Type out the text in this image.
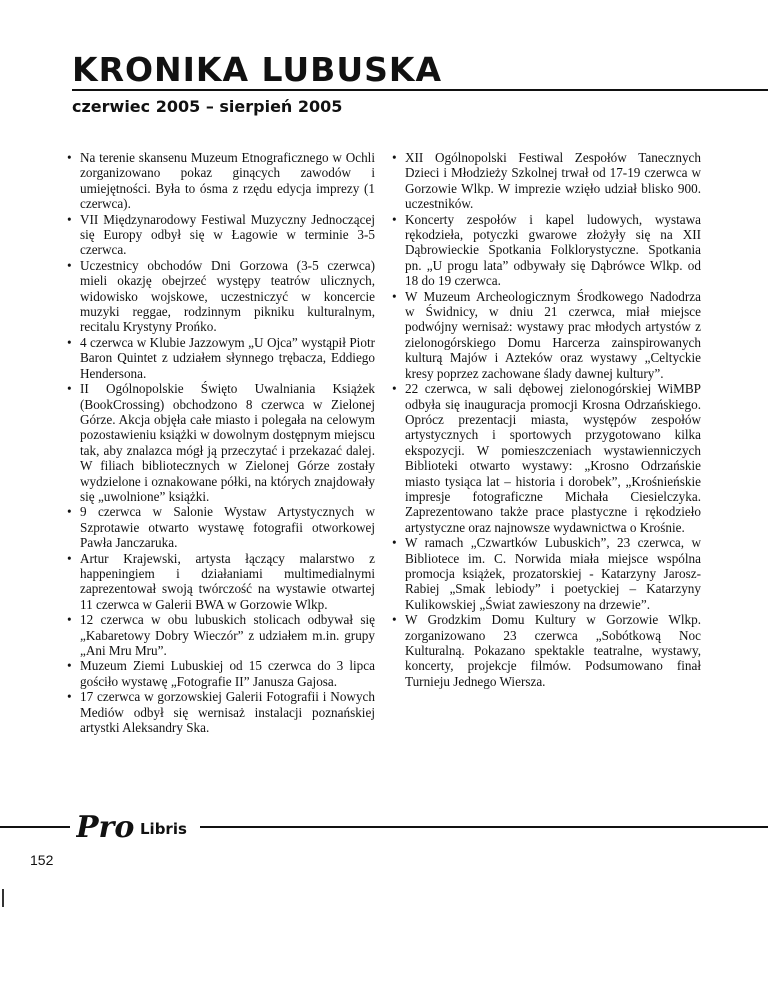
KRONIKA LUBUSKA
czerwiec 2005 – sierpień 2005
• Na terenie skansenu Muzeum Etnograficznego w Ochli zorganizowano pokaz ginących zawodów i umiejętności. Była to ósma z rzędu edycja imprezy (1 czerwca).
• VII Międzynarodowy Festiwal Muzyczny Jednoczącej się Europy odbył się w Łagowie w terminie 3-5 czerwca.
• Uczestnicy obchodów Dni Gorzowa (3-5 czerwca) mieli okazję obejrzeć występy teatrów ulicznych, widowisko wojskowe, uczestniczyć w koncercie muzyki reggae, rodzinnym pikniku kulturalnym, recitalu Krystyny Prońko.
• 4 czerwca w Klubie Jazzowym „U Ojca” wystąpił Piotr Baron Quintet z udziałem słynnego trębacza, Eddiego Hendersona.
• II Ogólnopolskie Święto Uwalniania Książek (BookCrossing) obchodzono 8 czerwca w Zielonej Górze. Akcja objęła całe miasto i polegała na celowym pozostawieniu książki w dowolnym dostępnym miejscu tak, aby znalazca mógł ją przeczytać i przekazać dalej. W filiach bibliotecznych w Zielonej Górze zostały wydzielone i oznakowane półki, na których znajdowały się „uwolnione” książki.
• 9 czerwca w Salonie Wystaw Artystycznych w Szprotawie otwarto wystawę fotografii otworkowej Pawła Janczaruka.
• Artur Krajewski, artysta łączący malarstwo z happeningiem i działaniami multimedialnymi zaprezentował swoją twórczość na wystawie otwartej 11 czerwca w Galerii BWA w Gorzowie Wlkp.
• 12 czerwca w obu lubuskich stolicach odbywał się „Kabaretowy Dobry Wieczór” z udziałem m.in. grupy „Ani Mru Mru”.
• Muzeum Ziemi Lubuskiej od 15 czerwca do 3 lipca gościło wystawę „Fotografie II” Janusza Gajosa.
• 17 czerwca w gorzowskiej Galerii Fotografii i Nowych Mediów odbył się wernisaż instalacji poznańskiej artystki Aleksandry Ska.
• XII Ogólnopolski Festiwal Zespołów Tanecznych Dzieci i Młodzieży Szkolnej trwał od 17-19 czerwca w Gorzowie Wlkp. W imprezie wzięło udział blisko 900. uczestników.
• Koncerty zespołów i kapel ludowych, wystawa rękodzieła, potyczki gwarowe złożyły się na XII Dąbrowieckie Spotkania Folklorystyczne. Spotkania pn. „U progu lata” odbywały się Dąbrówce Wlkp. od 18 do 19 czerwca.
• W Muzeum Archeologicznym Środkowego Nadodrza w Świdnicy, w dniu 21 czerwca, miał miejsce podwójny wernisaż: wystawy prac młodych artystów z zielonogórskiego Domu Harcerza zainspirowanych kulturą Majów i Azteków oraz wystawy „Celtyckie kresy poprzez zachowane ślady dawnej kultury”.
• 22 czerwca, w sali dębowej zielonogórskiej WiMBP odbyła się inauguracja promocji Krosna Odrzańskiego. Oprócz prezentacji miasta, występów zespołów artystycznych i sportowych przygotowano kilka ekspozycji. W pomieszczeniach wystawienniczych Biblioteki otwarto wystawy: „Krosno Odrzańskie miasto tysiąca lat – historia i dorobek”, „Krośnieńskie impresje fotograficzne Michała Ciesielczyka. Zaprezentowano także prace plastyczne i rękodzieło artystyczne oraz najnowsze wydawnictwa o Krośnie.
• W ramach „Czwartków Lubuskich”, 23 czerwca, w Bibliotece im. C. Norwida miała miejsce wspólna promocja książek, prozatorskiej - Katarzyny Jarosz-Rabiej „Smak lebiody” i poetyckiej – Katarzyny Kulikowskiej „Świat zawieszony na drzewie”.
• W Grodzkim Domu Kultury w Gorzowie Wlkp. zorganizowano 23 czerwca „Sobótkową Noc Kulturalną. Pokazano spektakle teatralne, wystawy, koncerty, projekcje filmów. Podsumowano finał Turnieju Jednego Wiersza.
Pro Libris
152
